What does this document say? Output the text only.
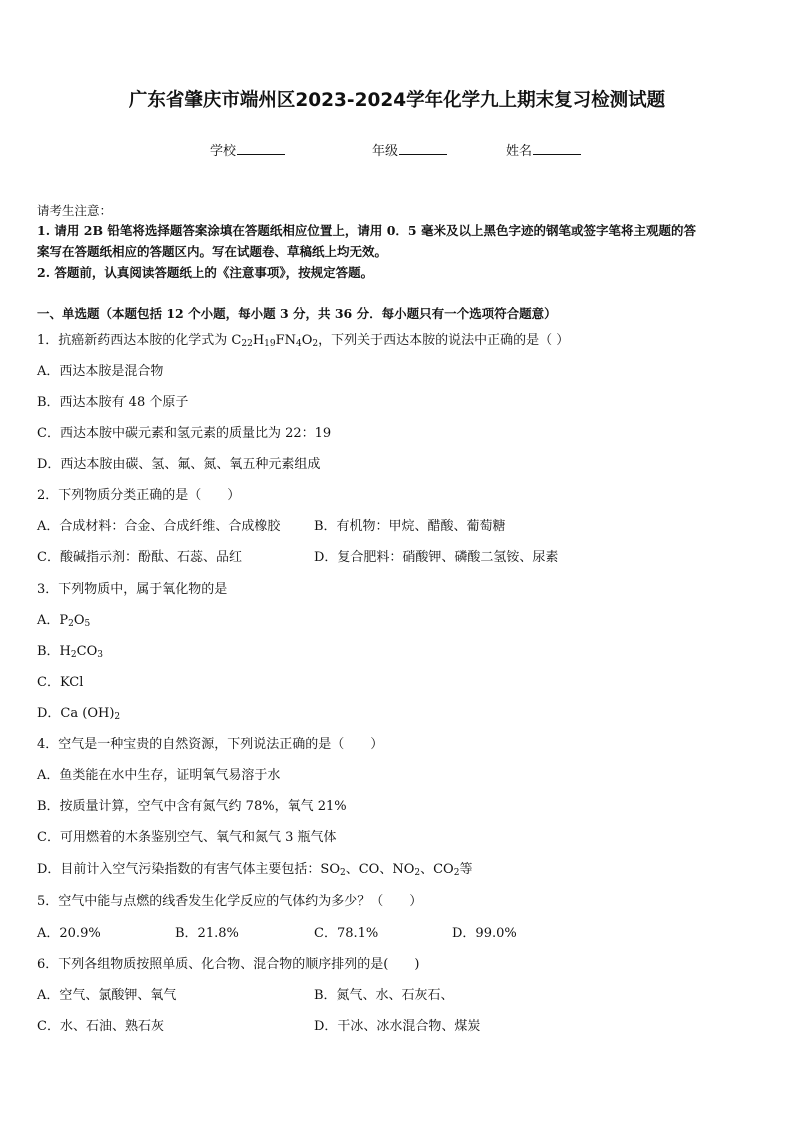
广东省肇庆市端州区2023-2024学年化学九上期末复习检测试题
学校	年级	姓名
请考生注意：
1. 请用 2B 铅笔将选择题答案涂填在答题纸相应位置上，请用 0．5 毫米及以上黑色字迹的钢笔或签字笔将主观题的答
案写在答题纸相应的答题区内。写在试题卷、草稿纸上均无效。
2. 答题前，认真阅读答题纸上的《注意事项》，按规定答题。
一、单选题（本题包括 12 个小题，每小题 3 分，共 36 分．每小题只有一个选项符合题意）
1．抗癌新药西达本胺的化学式为 $C_{22}H_{19}FN_4O_2$，下列关于西达本胺的说法中正确的是（ ）
A．西达本胺是混合物
B．西达本胺有 48 个原子
C．西达本胺中碳元素和氢元素的质量比为 22：19
D．西达本胺由碳、氢、氟、氮、氧五种元素组成
2．下列物质分类正确的是（　　）
A．合成材料：合金、合成纤维、合成橡胶	B．有机物：甲烷、醋酸、葡萄糖
C．酸碱指示剂：酚酞、石蕊、品红	D．复合肥料：硝酸钾、磷酸二氢铵、尿素
3．下列物质中，属于氧化物的是
A．$P_2O_5$
B．$H_2CO_3$
C．KCl
D．Ca $(OH)_2$
4．空气是一种宝贵的自然资源，下列说法正确的是（　　）
A．鱼类能在水中生存，证明氧气易溶于水
B．按质量计算，空气中含有氮气约 78%，氧气 21%
C．可用燃着的木条鉴别空气、氧气和氮气 3 瓶气体
D．目前计入空气污染指数的有害气体主要包括：$SO_2$、CO、$NO_2$、$CO_2$等
5．空气中能与点燃的线香发生化学反应的气体约为多少？（　　）
A．20.9%	B．21.8%	C．78.1%	D．99.0%
6．下列各组物质按照单质、化合物、混合物的顺序排列的是(　　)
A．空气、氯酸钾、氧气	B．氮气、水、石灰石、
C．水、石油、熟石灰	D．干冰、冰水混合物、煤炭
